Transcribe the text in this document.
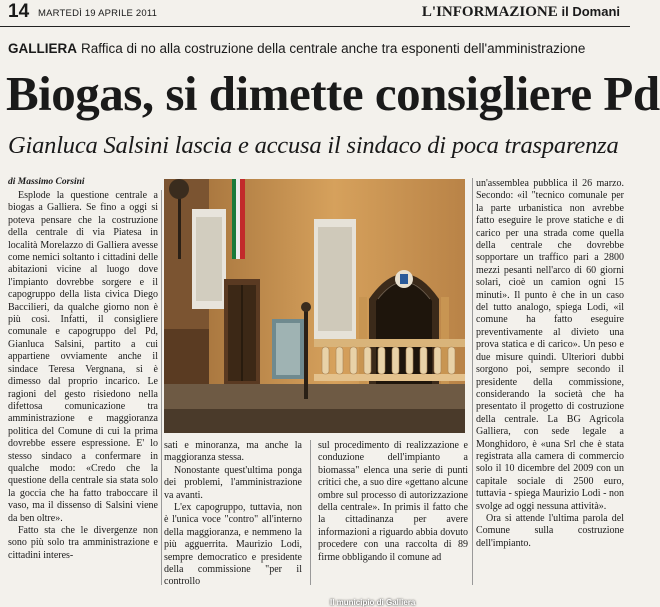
14 MARTEDÌ 19 APRILE 2011	L'INFORMAZIONE il Domani
GALLIERA Raffica di no alla costruzione della centrale anche tra esponenti dell'amministrazione
Biogas, si dimette consigliere Pd
Gianluca Salsini lascia e accusa il sindaco di poca trasparenza
di Massimo Corsini

Esplode la questione centrale a biogas a Galliera. Se fino a oggi si poteva pensare che la costruzione della centrale di via Piatesa in località Morelazzo di Galliera avesse come nemici soltanto i cittadini delle abitazioni vicine al luogo dove l'impianto dovrebbe sorgere e il capogruppo della lista civica Diego Baccilieri, da qualche giorno non è più così. Infatti, il consigliere comunale e capogruppo del Pd, Gianluca Salsini, partito a cui appartiene ovviamente anche il sindace Teresa Vergnana, si è dimesso dal proprio incarico. Le ragioni del gesto risiedono nella difettosa comunicazione tra amministrazione e maggioranza politica del Comune di cui la prima dovrebbe essere espressione. E' lo stesso sindaco a confermare in qualche modo: «Credo che la questione della centrale sia stata solo la goccia che ha fatto traboccare il vaso, ma il dissenso di Salsini viene da ben oltre».

Fatto sta che le divergenze non sono più solo tra amministrazione e cittadini interes-

Il municipio di Galliera

sati e minoranza, ma anche la maggioranza stessa.

Nonostante quest'ultima ponga dei problemi, l'amministrazione va avanti.

L'ex capogruppo, tuttavia, non è l'unica voce "contro" all'interno della maggioranza, e nemmeno la più agguerrita. Maurizio Lodi, sempre democratico e presidente della commissione "per il controllo

sul procedimento di realizzazione e conduzione dell'impianto a biomassa" elenca una serie di punti critici che, a suo dire «gettano alcune ombre sul processo di autorizzazione della centrale». In primis il fatto che la cittadinanza per avere informazioni a riguardo abbia dovuto procedere con una raccolta di 89 firme obbligando il comune ad

un'assemblea pubblica il 26 marzo. Secondo: «il "tecnico comunale per la parte urbanistica non avrebbe fatto eseguire le prove statiche e di carico per una strada come quella della centrale che dovrebbe sopportare un traffico pari a 2800 mezzi pesanti nell'arco di 60 giorni solari, cioè un camion ogni 15 minuti». Il punto è che in un caso del tutto analogo, spiega Lodi, «il comune ha fatto eseguire preventivamente al divieto una prova statica e di carico». Un peso e due misure quindi. Ulteriori dubbi sorgono poi, sempre secondo il presidente della commissione, considerando la società che ha presentato il progetto di costruzione della centrale. La BG Agricola Galliera, con sede legale a Monghidoro, è «una Srl che è stata registrata alla camera di commercio solo il 10 dicembre del 2009 con un capitale sociale di 2500 euro, tuttavia - spiega Maurizio Lodi - non svolge ad oggi nessuna attività».

Ora si attende l'ultima parola del Comune sulla costruzione dell'impianto.
